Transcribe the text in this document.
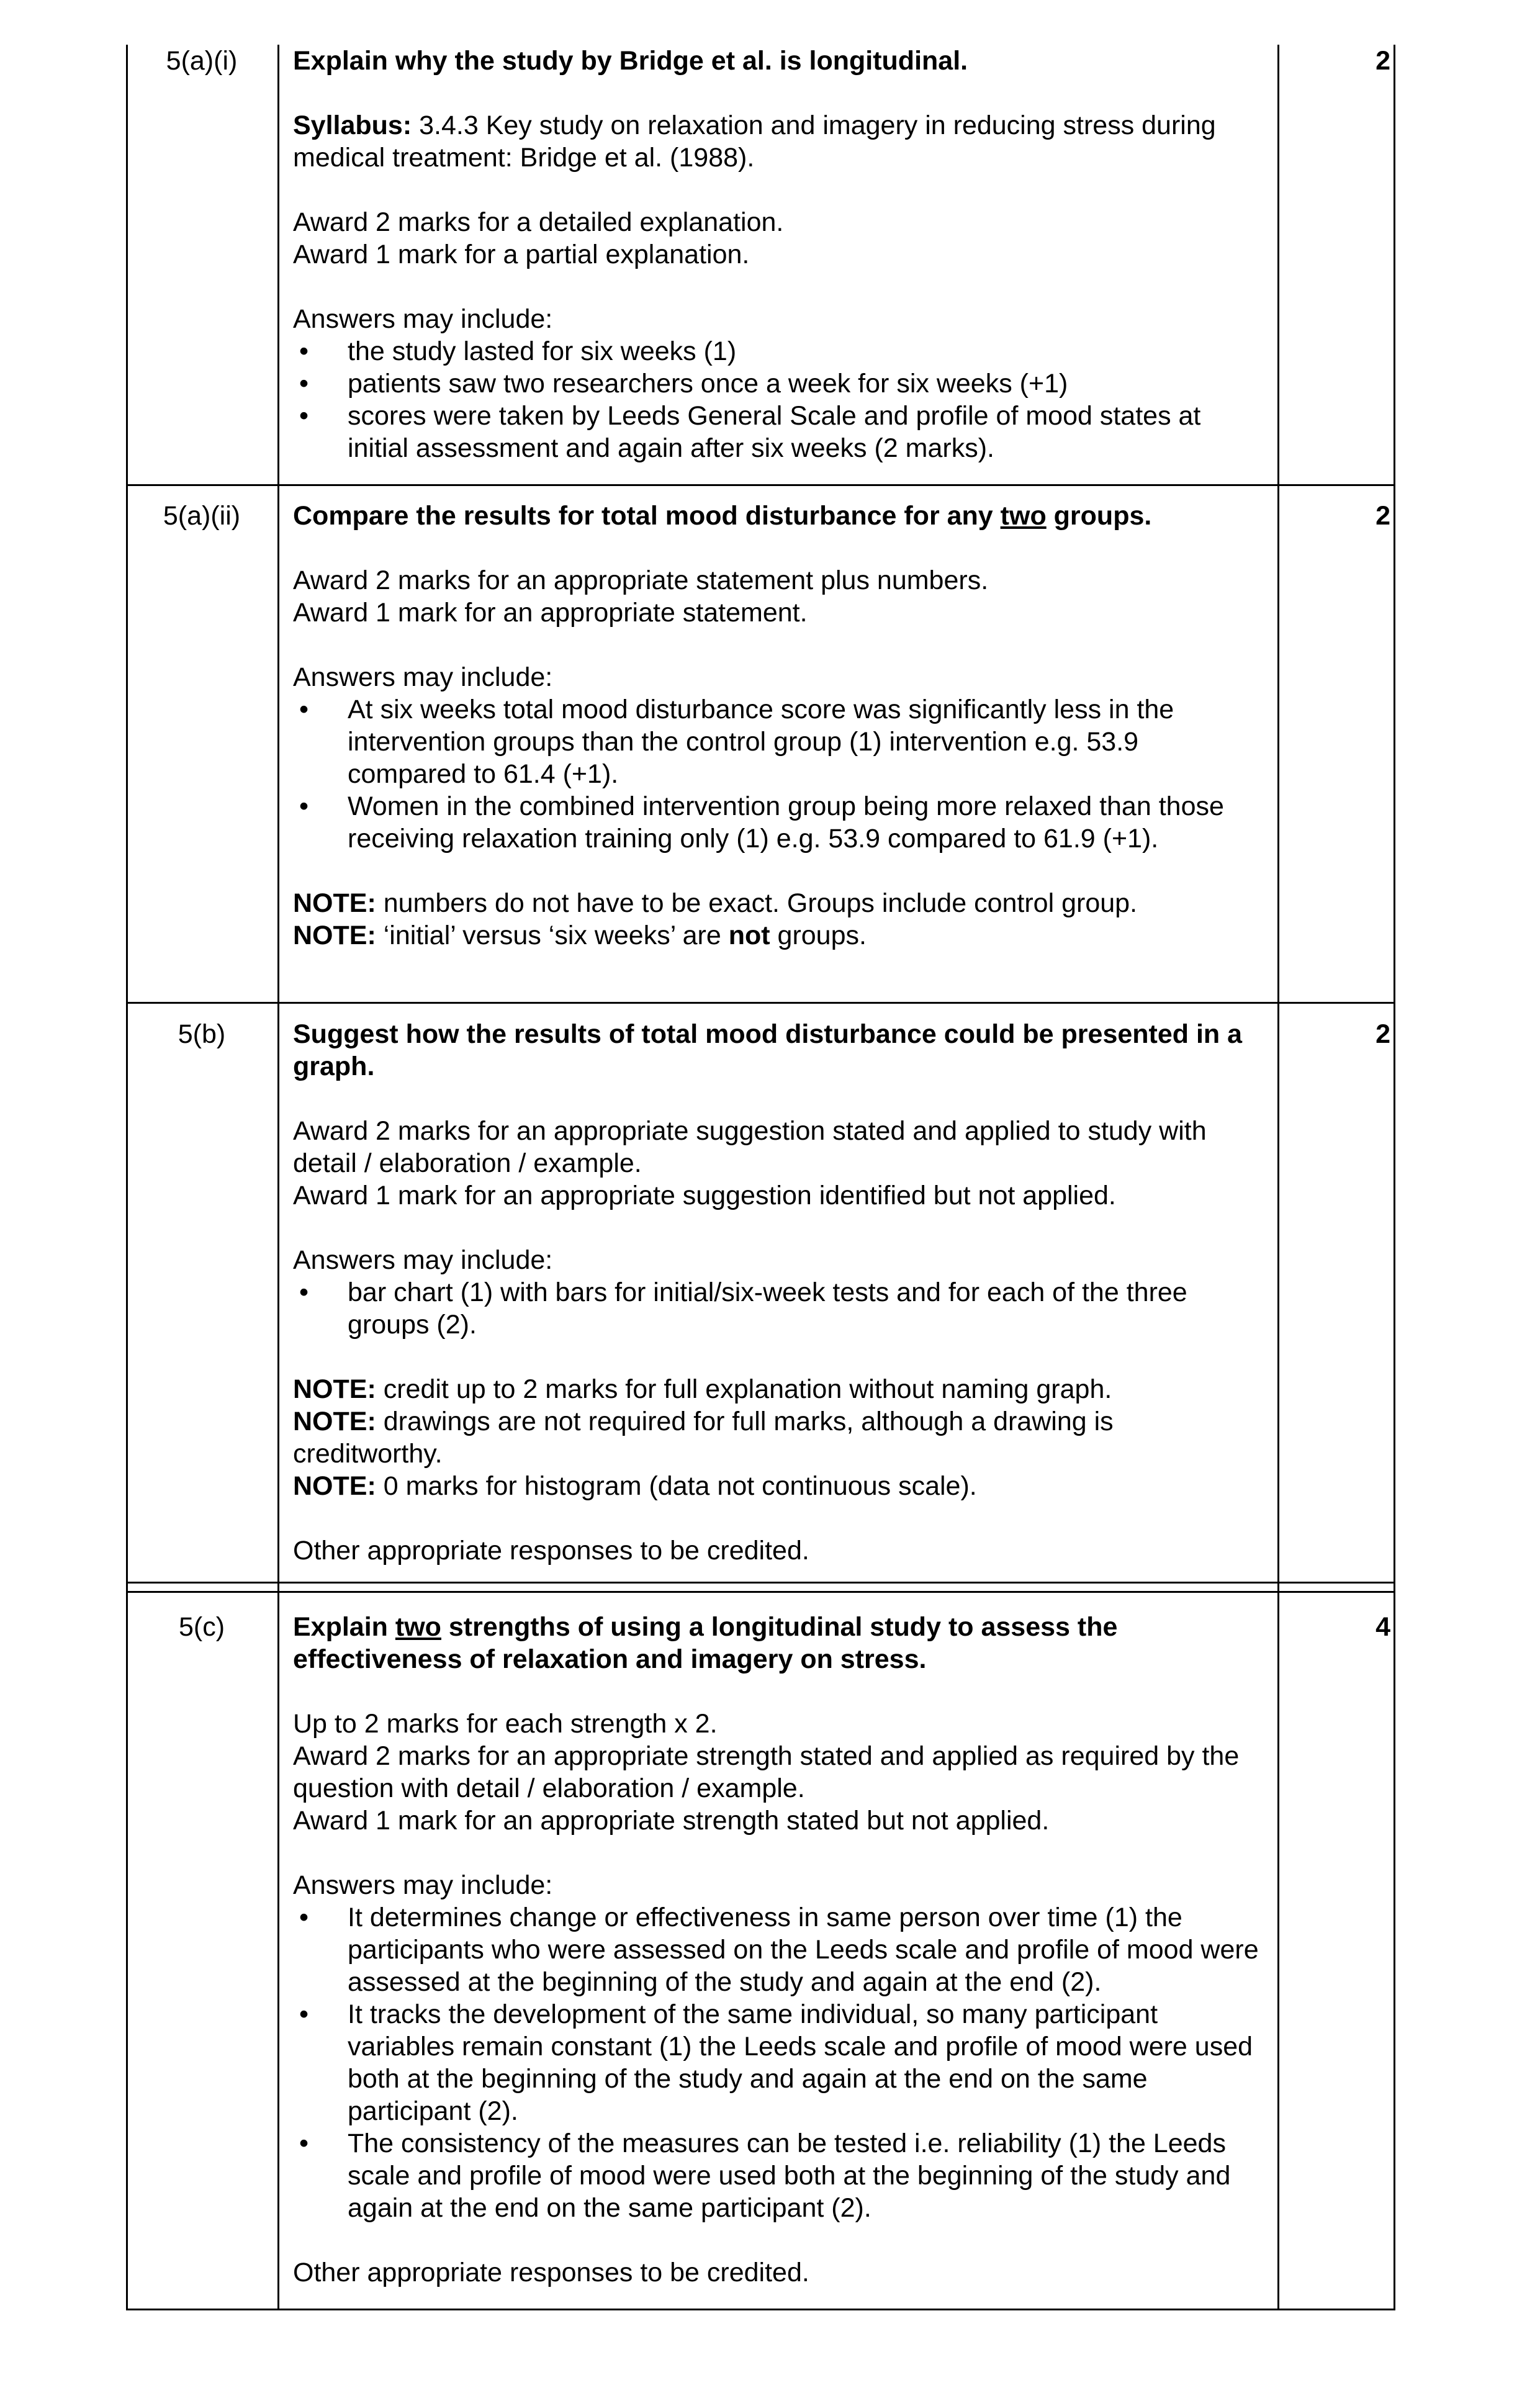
5(a)(i)	Explain why the study by Bridge et al. is longitudinal.

Syllabus: 3.4.3 Key study on relaxation and imagery in reducing stress during medical treatment: Bridge et al. (1988).

Award 2 marks for a detailed explanation.

Award 1 mark for a partial explanation.

Answers may include:

• the study lasted for six weeks (1)
• patients saw two researchers once a week for six weeks (+1)
• scores were taken by Leeds General Scale and profile of mood states at initial assessment and again after six weeks (2 marks).
2
5(a)(ii)	Compare the results for total mood disturbance for any two groups.

Award 2 marks for an appropriate statement plus numbers.

Award 1 mark for an appropriate statement.

Answers may include:

• At six weeks total mood disturbance score was significantly less in the intervention groups than the control group (1) intervention e.g. 53.9 compared to 61.4 (+1).
• Women in the combined intervention group being more relaxed than those receiving relaxation training only (1) e.g. 53.9 compared to 61.9 (+1).

NOTE: numbers do not have to be exact. Groups include control group.

NOTE: ‘initial’ versus ‘six weeks’ are not groups.

2
5(b)	Suggest how the results of total mood disturbance could be presented in a graph.

Award 2 marks for an appropriate suggestion stated and applied to study with detail / elaboration / example.

Award 1 mark for an appropriate suggestion identified but not applied.

Answers may include:

• bar chart (1) with bars for initial/six-week tests and for each of the three groups (2).

NOTE: credit up to 2 marks for full explanation without naming graph.

NOTE: drawings are not required for full marks, although a drawing is creditworthy.

NOTE: 0 marks for histogram (data not continuous scale).

Other appropriate responses to be credited.

2
5(c)	Explain two strengths of using a longitudinal study to assess the effectiveness of relaxation and imagery on stress.

Up to 2 marks for each strength x 2.

Award 2 marks for an appropriate strength stated and applied as required by the question with detail / elaboration / example.

Award 1 mark for an appropriate strength stated but not applied.

Answers may include:

• It determines change or effectiveness in same person over time (1) the participants who were assessed on the Leeds scale and profile of mood were assessed at the beginning of the study and again at the end (2).
• It tracks the development of the same individual, so many participant variables remain constant (1) the Leeds scale and profile of mood were used both at the beginning of the study and again at the end on the same participant (2).
• The consistency of the measures can be tested i.e. reliability (1) the Leeds scale and profile of mood were used both at the beginning of the study and again at the end on the same participant (2).

Other appropriate responses to be credited.

4
